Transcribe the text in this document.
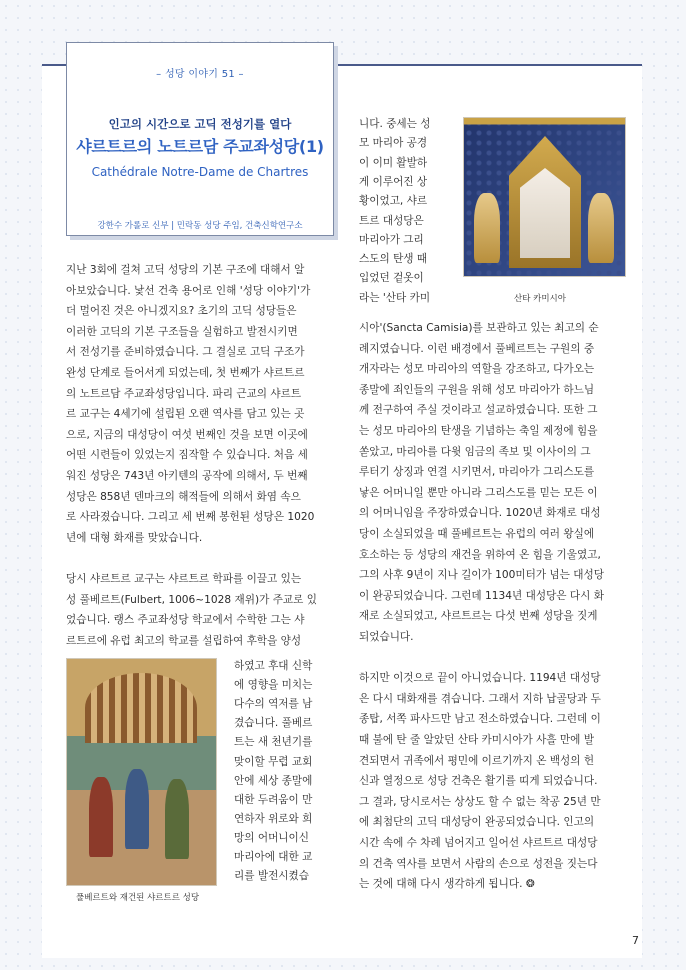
– 성당 이야기 51 –
인고의 시간으로 고딕 전성기를 열다
샤르트르의 노트르담 주교좌성당(1)
Cathédrale Notre-Dame de Chartres
강한수 가롤로 신부 | 민락동 성당 주임, 건축신학연구소
산타 카미시아
풀베르트와 재건된 샤르트르 성당
지난 3회에 걸쳐 고딕 성당의 기본 구조에 대해서 알
아보았습니다. 낯선 건축 용어로 인해 '성당 이야기'가
더 멀어진 것은 아니겠지요? 초기의 고딕 성당들은
이러한 고딕의 기본 구조들을 실험하고 발전시키면
서 전성기를 준비하였습니다. 그 결실로 고딕 구조가
완성 단계로 들어서게 되었는데, 첫 번째가 샤르트르
의 노트르담 주교좌성당입니다. 파리 근교의 샤르트
르 교구는 4세기에 설립된 오랜 역사를 담고 있는 곳
으로, 지금의 대성당이 여섯 번째인 것을 보면 이곳에
어떤 시련들이 있었는지 짐작할 수 있습니다. 처음 세
워진 성당은 743년 아키텐의 공작에 의해서, 두 번째
성당은 858년 덴마크의 해적들에 의해서 화염 속으
로 사라졌습니다. 그리고 세 번째 봉헌된 성당은 1020
년에 대형 화재를 맞았습니다.
당시 샤르트르 교구는 샤르트르 학파를 이끌고 있는
성 풀베르트(Fulbert, 1006~1028 재위)가 주교로 있
었습니다. 랭스 주교좌성당 학교에서 수학한 그는 샤
르트르에 유럽 최고의 학교를 설립하여 후학을 양성
하였고 후대 신학
에 영향을 미치는
다수의 역저를 남
겼습니다. 풀베르
트는 새 천년기를
맞이할 무렵 교회
안에 세상 종말에
대한 두려움이 만
연하자 위로와 희
망의 어머니이신
마리아에 대한 교
리를 발전시켰습
니다. 중세는 성
모 마리아 공경
이 이미 활발하
게 이루어진 상
황이었고, 샤르
트르 대성당은
마리아가 그리
스도의 탄생 때
입었던 겉옷이
라는 '산타 카미
시아'(Sancta Camisia)를 보관하고 있는 최고의 순
례지였습니다. 이런 배경에서 풀베르트는 구원의 중
개자라는 성모 마리아의 역할을 강조하고, 다가오는
종말에 죄인들의 구원을 위해 성모 마리아가 하느님
께 전구하여 주실 것이라고 설교하였습니다. 또한 그
는 성모 마리아의 탄생을 기념하는 축일 제정에 힘을
쏟았고, 마리아를 다윗 임금의 족보 및 이사이의 그
루터기 상징과 연결 시키면서, 마리아가 그리스도를
낳은 어머니일 뿐만 아니라 그리스도를 믿는 모든 이
의 어머니임을 주장하였습니다. 1020년 화재로 대성
당이 소실되었을 때 풀베르트는 유럽의 여러 왕실에
호소하는 등 성당의 재건을 위하여 온 힘을 기울였고,
그의 사후 9년이 지나 길이가 100미터가 넘는 대성당
이 완공되었습니다. 그런데 1134년 대성당은 다시 화
재로 소실되었고, 샤르트르는 다섯 번째 성당을 짓게
되었습니다.
하지만 이것으로 끝이 아니었습니다. 1194년 대성당
은 다시 대화재를 겪습니다. 그래서 지하 납골당과 두
종탑, 서쪽 파사드만 남고 전소하였습니다. 그런데 이
때 불에 탄 줄 알았던 산타 카미시아가 사흘 만에 발
견되면서 귀족에서 평민에 이르기까지 온 백성의 헌
신과 열정으로 성당 건축은 활기를 띠게 되었습니다.
그 결과, 당시로서는 상상도 할 수 없는 착공 25년 만
에 최첨단의 고딕 대성당이 완공되었습니다. 인고의
시간 속에 수 차례 넘어지고 일어선 샤르트르 대성당
의 건축 역사를 보면서 사람의 손으로 성전을 짓는다
는 것에 대해 다시 생각하게 됩니다. ❂
7
